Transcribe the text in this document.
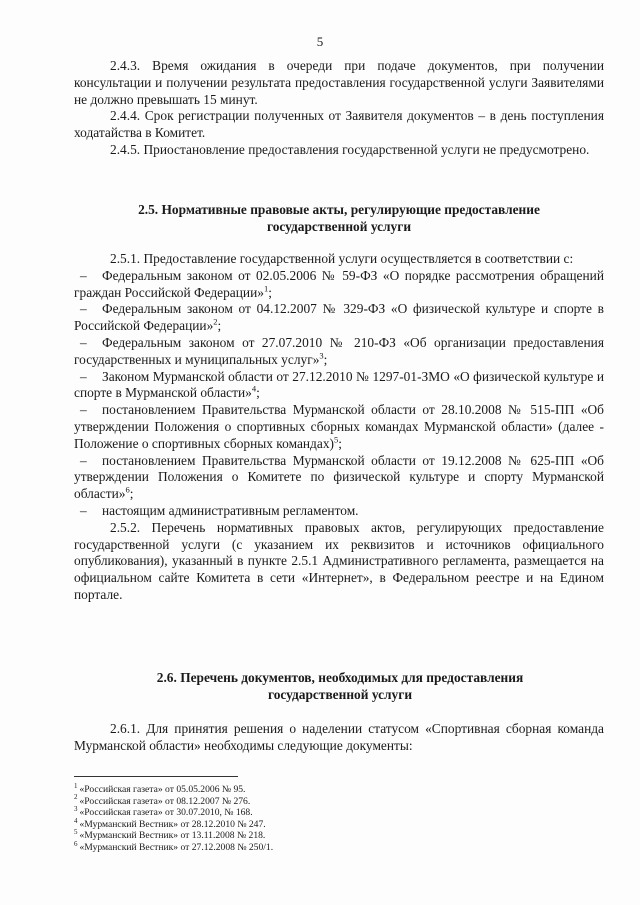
5

2.4.3. Время ожидания в очереди при подаче документов, при получении консультации и получении результата предоставления государственной услуги Заявителями не должно превышать 15 минут.

2.4.4. Срок регистрации полученных от Заявителя документов – в день поступления ходатайства в Комитет.

2.4.5. Приостановление предоставления государственной услуги не предусмотрено.

2.5. Нормативные правовые акты, регулирующие предоставление государственной услуги

2.5.1. Предоставление государственной услуги осуществляется в соответствии с:

– Федеральным законом от 02.05.2006 № 59-ФЗ «О порядке рассмотрения обращений граждан Российской Федерации»$^1$;

– Федеральным законом от 04.12.2007 № 329-ФЗ «О физической культуре и спорте в Российской Федерации»$^2$;

– Федеральным законом от 27.07.2010 № 210-ФЗ «Об организации предоставления государственных и муниципальных услуг»$^3$;

– Законом Мурманской области от 27.12.2010 № 1297-01-ЗМО «О физической культуре и спорте в Мурманской области»$^4$;

– постановлением Правительства Мурманской области от 28.10.2008 № 515-ПП «Об утверждении Положения о спортивных сборных командах Мурманской области» (далее - Положение о спортивных сборных командах)$^5$;

– постановлением Правительства Мурманской области от 19.12.2008 № 625-ПП «Об утверждении Положения о Комитете по физической культуре и спорту Мурманской области»$^6$;

– настоящим административным регламентом.

2.5.2. Перечень нормативных правовых актов, регулирующих предоставление государственной услуги (с указанием их реквизитов и источников официального опубликования), указанный в пункте 2.5.1 Административного регламента, размещается на официальном сайте Комитета в сети «Интернет», в Федеральном реестре и на Едином портале.

2.6. Перечень документов, необходимых для предоставления государственной услуги

2.6.1. Для принятия решения о наделении статусом «Спортивная сборная команда Мурманской области» необходимы следующие документы:

$^1$ «Российская газета» от 05.05.2006 № 95.

$^2$ «Российская газета» от 08.12.2007 № 276.

$^3$ «Российская газета» от 30.07.2010, № 168.

$^4$ «Мурманский Вестник» от 28.12.2010 № 247.

$^5$ «Мурманский Вестник» от 13.11.2008 № 218.

$^6$ «Мурманский Вестник» от 27.12.2008 № 250/1.
